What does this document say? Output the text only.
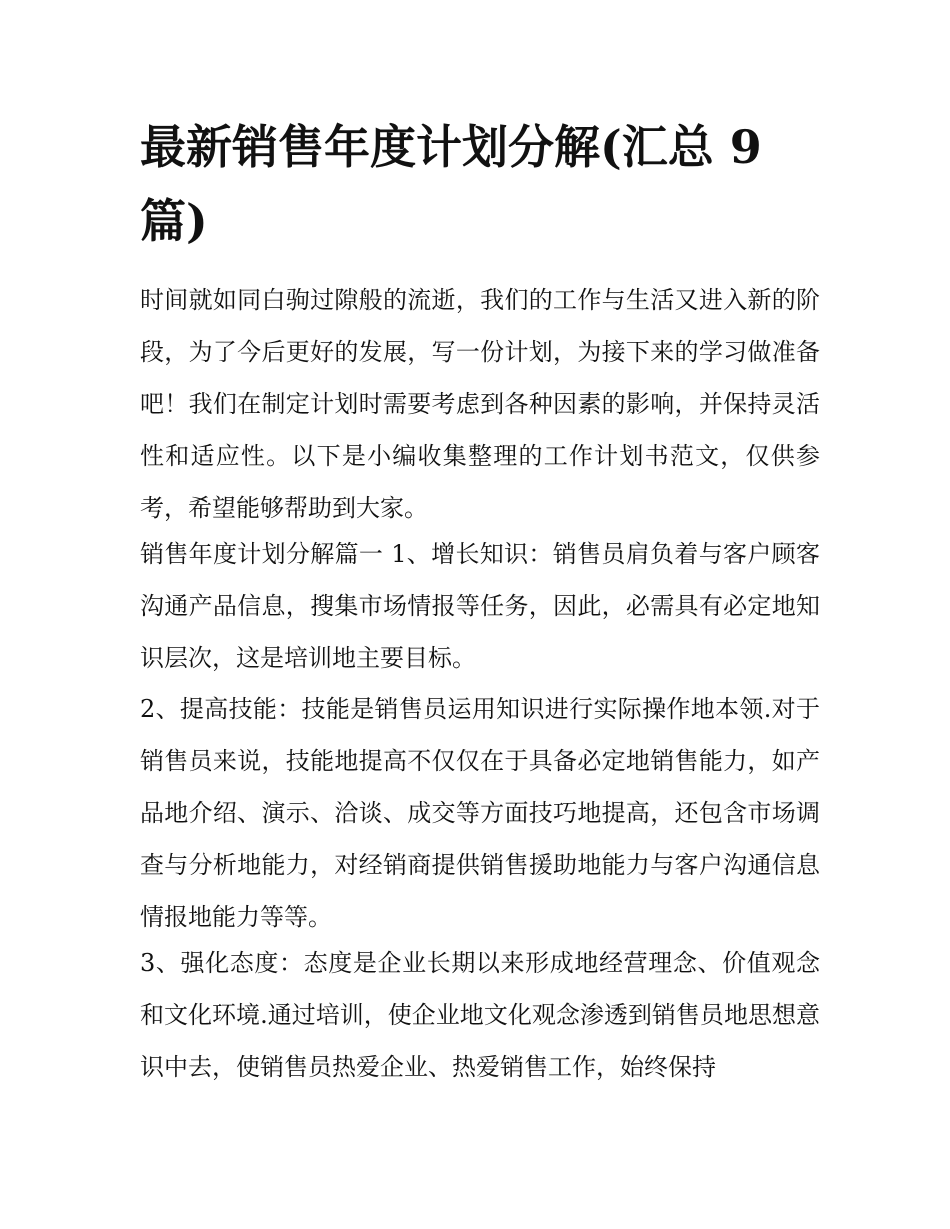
最新销售年度计划分解(汇总 9 篇)

时间就如同白驹过隙般的流逝，我们的工作与生活又进入新的阶段，为了今后更好的发展，写一份计划，为接下来的学习做准备吧！我们在制定计划时需要考虑到各种因素的影响，并保持灵活性和适应性。以下是小编收集整理的工作计划书范文，仅供参考，希望能够帮助到大家。

销售年度计划分解篇一 1、增长知识：销售员肩负着与客户顾客沟通产品信息，搜集市场情报等任务，因此，必需具有必定地知识层次，这是培训地主要目标。

2、提高技能：技能是销售员运用知识进行实际操作地本领.对于销售员来说，技能地提高不仅仅在于具备必定地销售能力，如产品地介绍、演示、洽谈、成交等方面技巧地提高，还包含市场调查与分析地能力，对经销商提供销售援助地能力与客户沟通信息情报地能力等等。

3、强化态度：态度是企业长期以来形成地经营理念、价值观念和文化环境.通过培训，使企业地文化观念渗透到销售员地思想意识中去，使销售员热爱企业、热爱销售工作，始终保持
